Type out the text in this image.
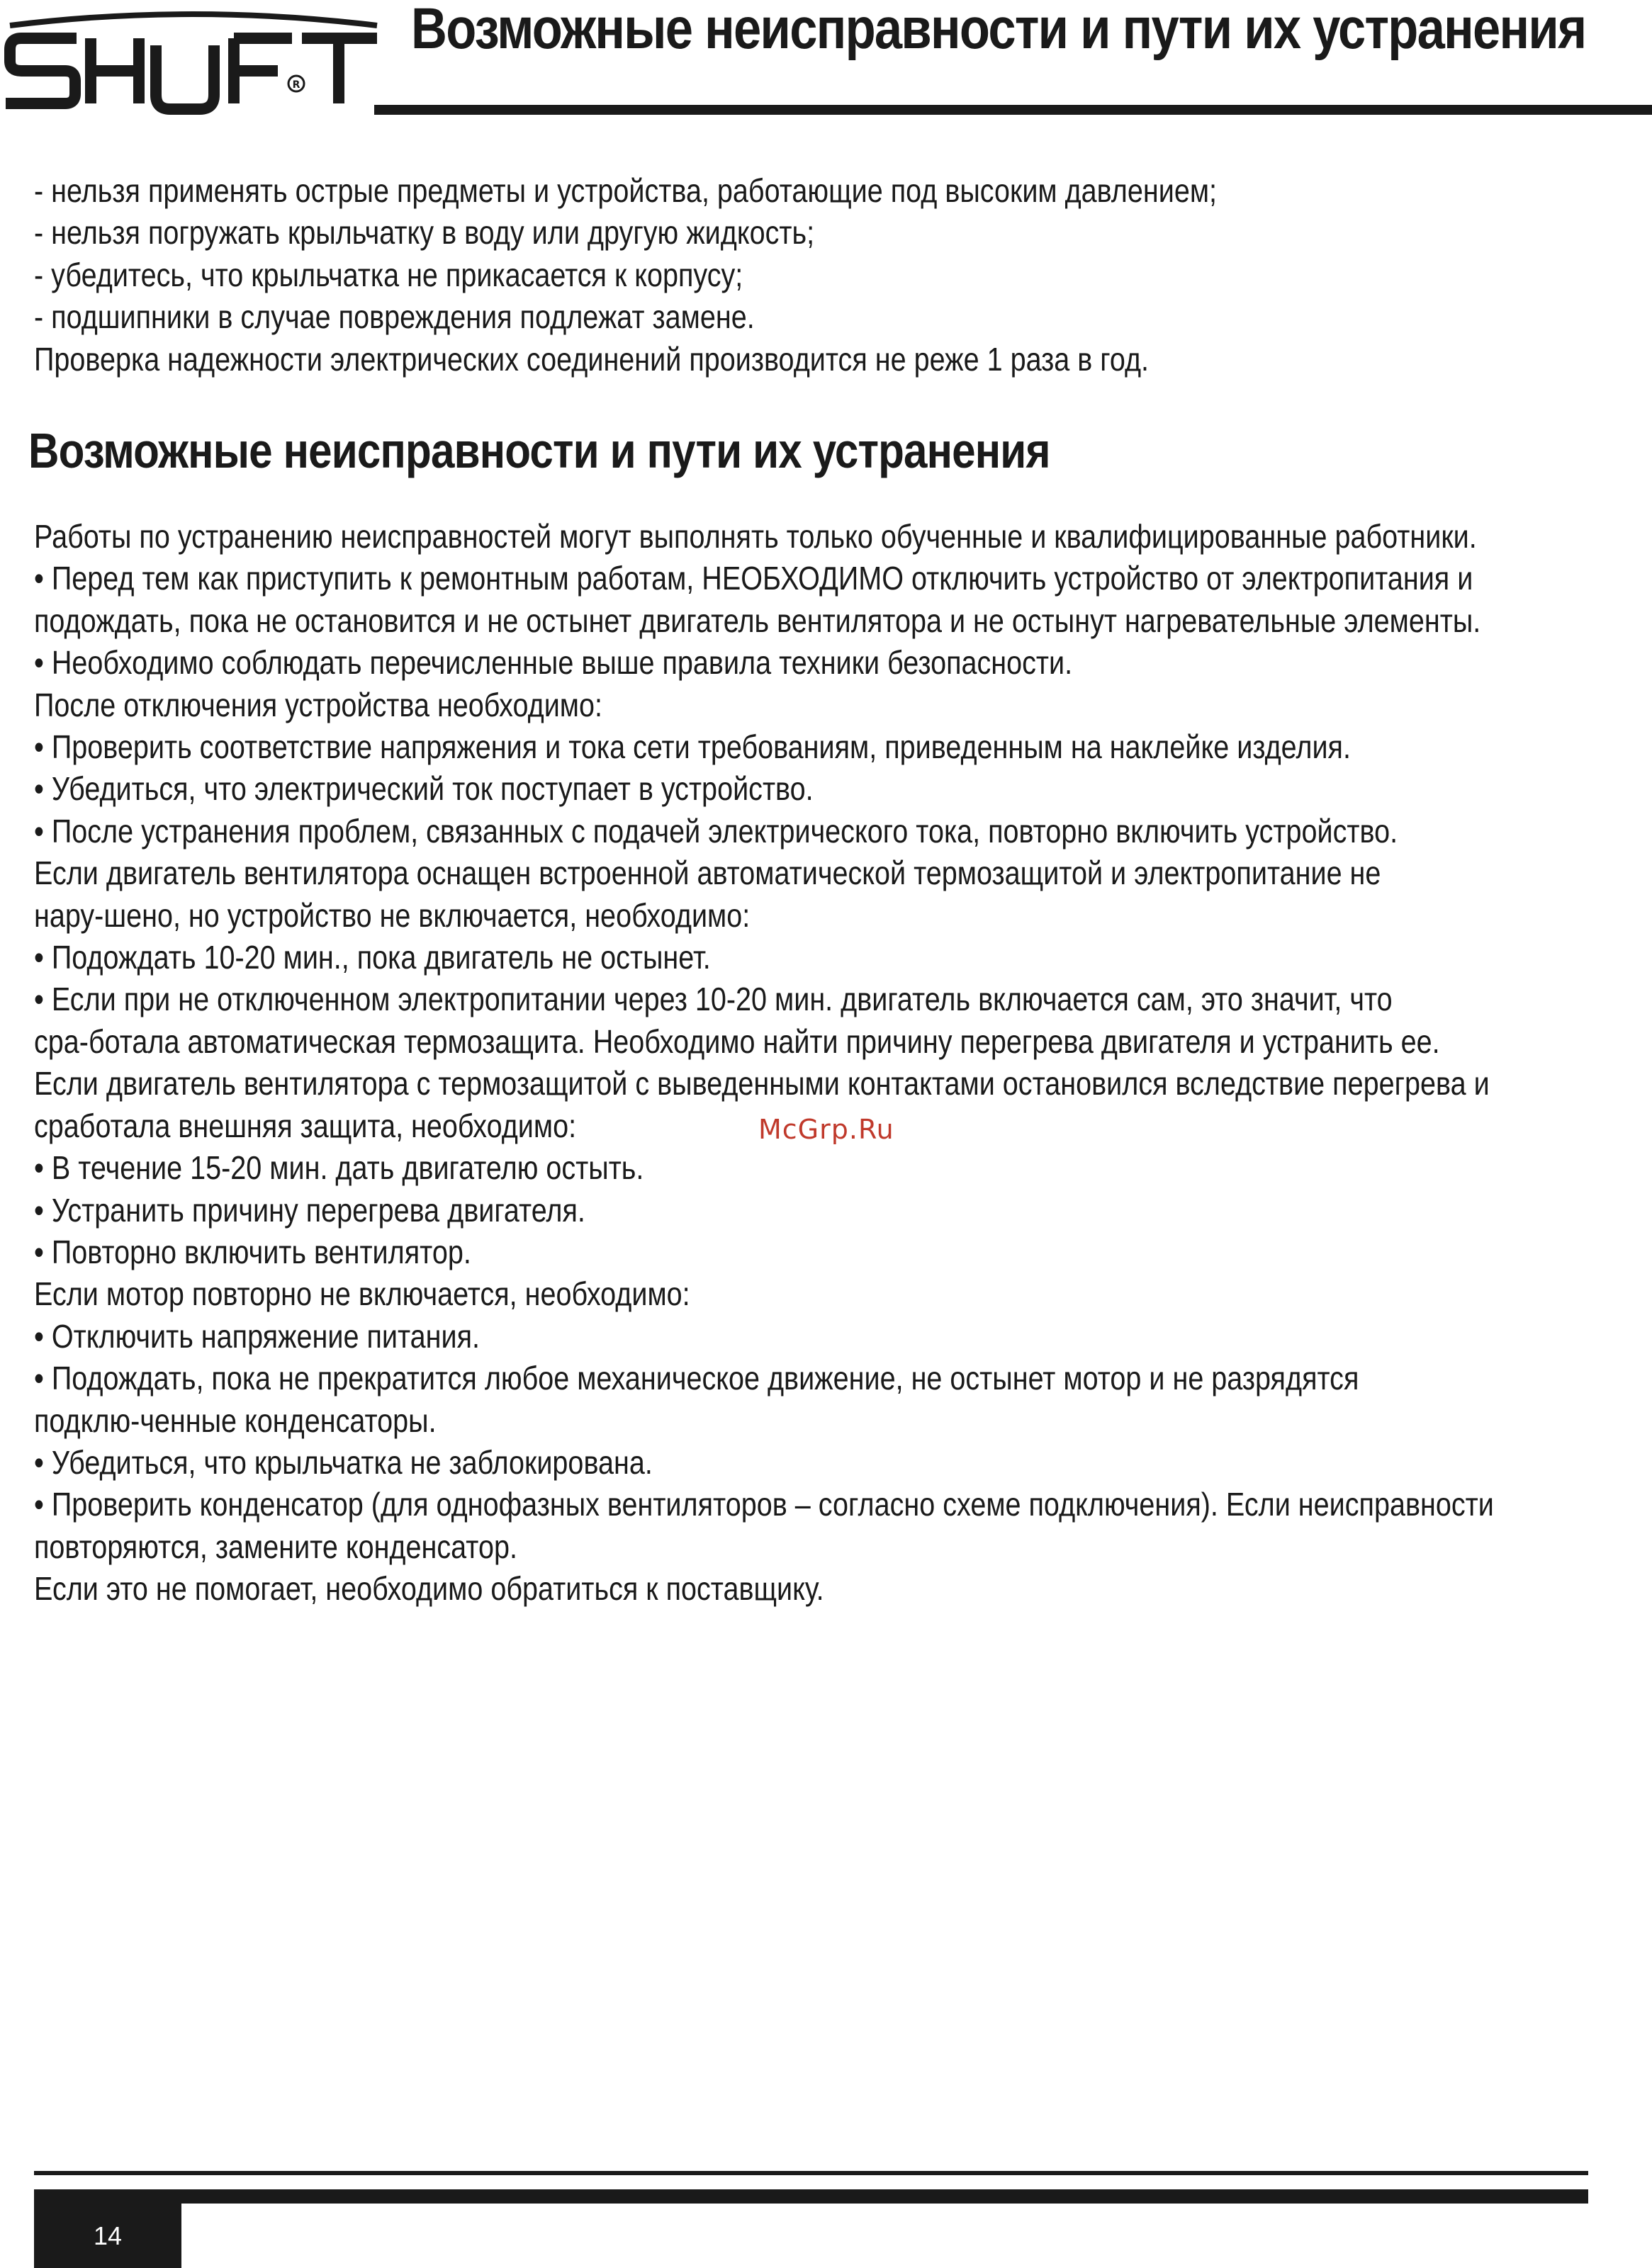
R
Возможные неисправности и пути их устранения

- нельзя применять острые предметы и устройства, работающие под высоким давлением;

- нельзя погружать крыльчатку в воду или другую жидкость;

- убедитесь, что крыльчатка не прикасается к корпусу;

- подшипники в случае повреждения подлежат замене.

Проверка надежности электрических соединений производится не реже 1 раза в год.

Возможные неисправности и пути их устранения

Работы по устранению неисправностей могут выполнять только обученные и квалифицированные работники.

• Перед тем как приступить к ремонтным работам, НЕОБХОДИМО отключить устройство от электропитания и

подождать, пока не остановится и не остынет двигатель вентилятора и не остынут нагревательные элементы.

• Необходимо соблюдать перечисленные выше правила техники безопасности.

После отключения устройства необходимо:

• Проверить соответствие напряжения и тока сети требованиям, приведенным на наклейке изделия.

• Убедиться, что электрический ток поступает в устройство.

• После устранения проблем, связанных с подачей электрического тока, повторно включить устройство.

Если двигатель вентилятора оснащен встроенной автоматической термозащитой и электропитание не

нару-шено, но устройство не включается, необходимо:

• Подождать 10-20 мин., пока двигатель не остынет.

• Если при не отключенном электропитании через 10-20 мин. двигатель включается сам, это значит, что

сра-ботала автоматическая термозащита. Необходимо найти причину перегрева двигателя и устранить ее.

Если двигатель вентилятора с термозащитой с выведенными контактами остановился вследствие перегрева и

сработала внешняя защита, необходимо:

• В течение 15-20 мин. дать двигателю остыть.

• Устранить причину перегрева двигателя.

• Повторно включить вентилятор.

Если мотор повторно не включается, необходимо:

• Отключить напряжение питания.

• Подождать, пока не прекратится любое механическое движение, не остынет мотор и не разрядятся

подклю-ченные конденсаторы.

• Убедиться, что крыльчатка не заблокирована.

• Проверить конденсатор (для однофазных вентиляторов – согласно схеме подключения). Если неисправности

повторяются, замените конденсатор.

Если это не помогает, необходимо обратиться к поставщику.

McGrp.Ru
14
